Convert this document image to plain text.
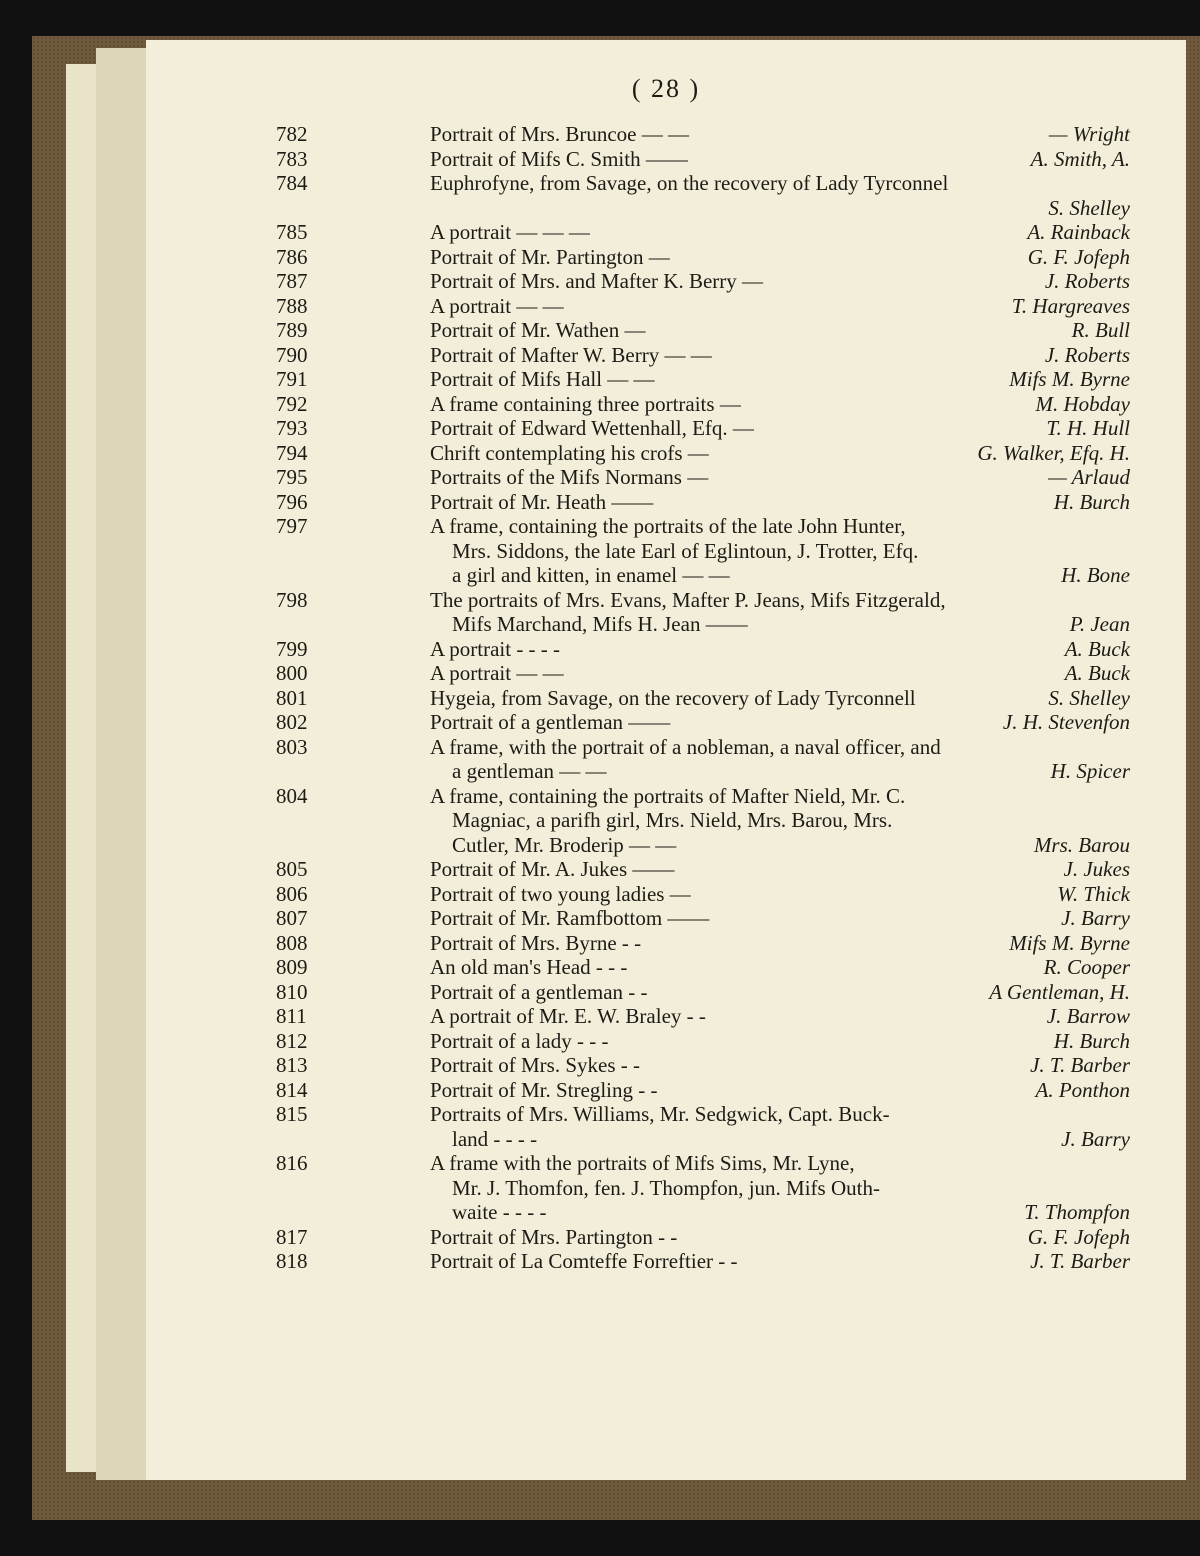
( 28 )
782	Portrait of Mrs. Bruncoe — —	— Wright
783	Portrait of Mifs C. Smith ——	A. Smith, A.
784	Euphrofyne, from Savage, on the recovery of Lady Tyrconnel
S. Shelley
785	A portrait — — —	A. Rainback
786	Portrait of Mr. Partington —	G. F. Jofeph
787	Portrait of Mrs. and Mafter K. Berry —	J. Roberts
788	A portrait — —	T. Hargreaves
789	Portrait of Mr. Wathen —	R. Bull
790	Portrait of Mafter W. Berry — —	J. Roberts
791	Portrait of Mifs Hall — —	Mifs M. Byrne
792	A frame containing three portraits —	M. Hobday
793	Portrait of Edward Wettenhall, Efq. —	T. H. Hull
794	Chrift contemplating his crofs —	G. Walker, Efq. H.
795	Portraits of the Mifs Normans —	— Arlaud
796	Portrait of Mr. Heath ——	H. Burch
797	A frame, containing the portraits of the late John Hunter,
Mrs. Siddons, the late Earl of Eglintoun, J. Trotter, Efq.
a girl and kitten, in enamel — —	H. Bone
798	The portraits of Mrs. Evans, Mafter P. Jeans, Mifs Fitzgerald,
Mifs Marchand, Mifs H. Jean ——	P. Jean
799	A portrait - - - -	A. Buck
800	A portrait — —	A. Buck
801	Hygeia, from Savage, on the recovery of Lady Tyrconnell	S. Shelley
802	Portrait of a gentleman ——	J. H. Stevenfon
803	A frame, with the portrait of a nobleman, a naval officer, and
a gentleman — —	H. Spicer
804	A frame, containing the portraits of Mafter Nield, Mr. C.
Magniac, a parifh girl, Mrs. Nield, Mrs. Barou, Mrs.
Cutler, Mr. Broderip — —	Mrs. Barou
805	Portrait of Mr. A. Jukes ——	J. Jukes
806	Portrait of two young ladies —	W. Thick
807	Portrait of Mr. Ramfbottom ——	J. Barry
808	Portrait of Mrs. Byrne - -	Mifs M. Byrne
809	An old man's Head - - -	R. Cooper
810	Portrait of a gentleman - -	A Gentleman, H.
811	A portrait of Mr. E. W. Braley - -	J. Barrow
812	Portrait of a lady - - -	H. Burch
813	Portrait of Mrs. Sykes - -	J. T. Barber
814	Portrait of Mr. Stregling - -	A. Ponthon
815	Portraits of Mrs. Williams, Mr. Sedgwick, Capt. Buck-
land - - - -	J. Barry
816	A frame with the portraits of Mifs Sims, Mr. Lyne,
Mr. J. Thomfon, fen. J. Thompfon, jun. Mifs Outh-
waite - - - -	T. Thompfon
817	Portrait of Mrs. Partington - -	G. F. Jofeph
818	Portrait of La Comteffe Forreftier - -	J. T. Barber
